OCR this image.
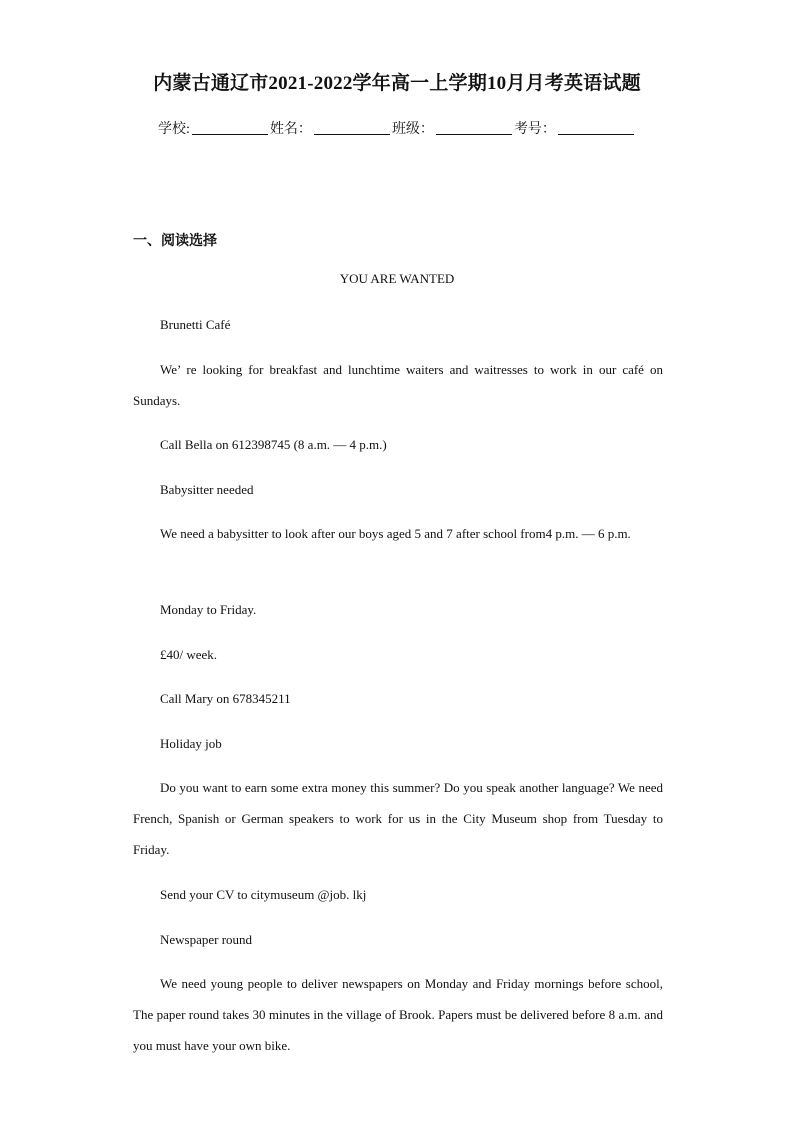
内蒙古通辽市2021-2022学年高一上学期10月月考英语试题
学校:	姓名：	班级：	考号：
一、阅读选择
YOU ARE WANTED

Brunetti Café

We’ re looking for breakfast and lunchtime waiters and waitresses to work in our café on Sundays.

Call Bella on 612398745 (8 a.m. — 4 p.m.)

Babysitter needed

We need a babysitter to look after our boys aged 5 and 7 after school from4 p.m. — 6 p.m.

Monday to Friday.

£40/ week.

Call Mary on 678345211

Holiday job

Do you want to earn some extra money this summer? Do you speak another language? We need French, Spanish or German speakers to work for us in the City Museum shop from Tuesday to Friday.

Send your CV to citymuseum @job. lkj

Newspaper round

We need young people to deliver newspapers on Monday and Friday mornings before school, The paper round takes 30 minutes in the village of Brook. Papers must be delivered before 8 a.m. and you must have your own bike.
